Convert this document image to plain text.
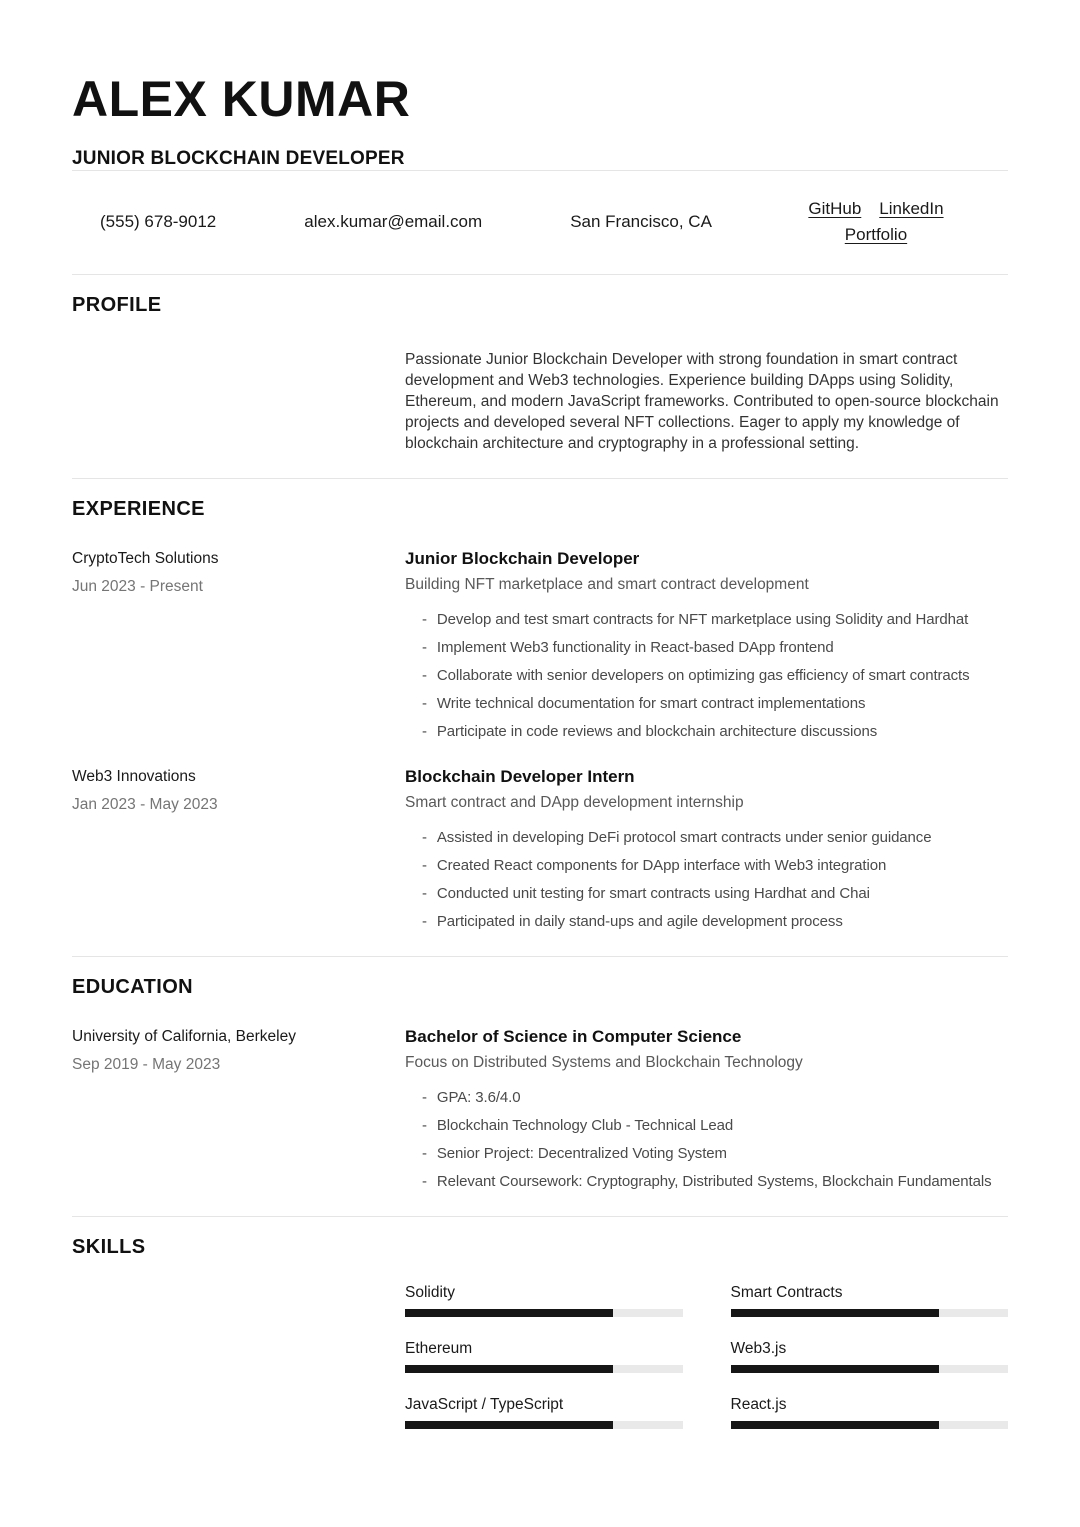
ALEX KUMAR
JUNIOR BLOCKCHAIN DEVELOPER
(555) 678-9012	alex.kumar@email.com	San Francisco, CA
GitHub LinkedIn
Portfolio
PROFILE

Passionate Junior Blockchain Developer with strong foundation in smart contract development and Web3 technologies. Experience building DApps using Solidity, Ethereum, and modern JavaScript frameworks. Contributed to open-source blockchain projects and developed several NFT collections. Eager to apply my knowledge of blockchain architecture and cryptography in a professional setting.

EXPERIENCE
CryptoTech Solutions
Jun 2023 - Present
Junior Blockchain Developer
Building NFT marketplace and smart contract development
- Develop and test smart contracts for NFT marketplace using Solidity and Hardhat
- Implement Web3 functionality in React-based DApp frontend
- Collaborate with senior developers on optimizing gas efficiency of smart contracts
- Write technical documentation for smart contract implementations
- Participate in code reviews and blockchain architecture discussions
Web3 Innovations
Jan 2023 - May 2023
Blockchain Developer Intern
Smart contract and DApp development internship
- Assisted in developing DeFi protocol smart contracts under senior guidance
- Created React components for DApp interface with Web3 integration
- Conducted unit testing for smart contracts using Hardhat and Chai
- Participated in daily stand-ups and agile development process
EDUCATION
University of California, Berkeley
Sep 2019 - May 2023
Bachelor of Science in Computer Science
Focus on Distributed Systems and Blockchain Technology
- GPA: 3.6/4.0
- Blockchain Technology Club - Technical Lead
- Senior Project: Decentralized Voting System
- Relevant Coursework: Cryptography, Distributed Systems, Blockchain Fundamentals
SKILLS
Solidity	Smart Contracts
Ethereum	Web3.js
JavaScript / TypeScript	React.js
